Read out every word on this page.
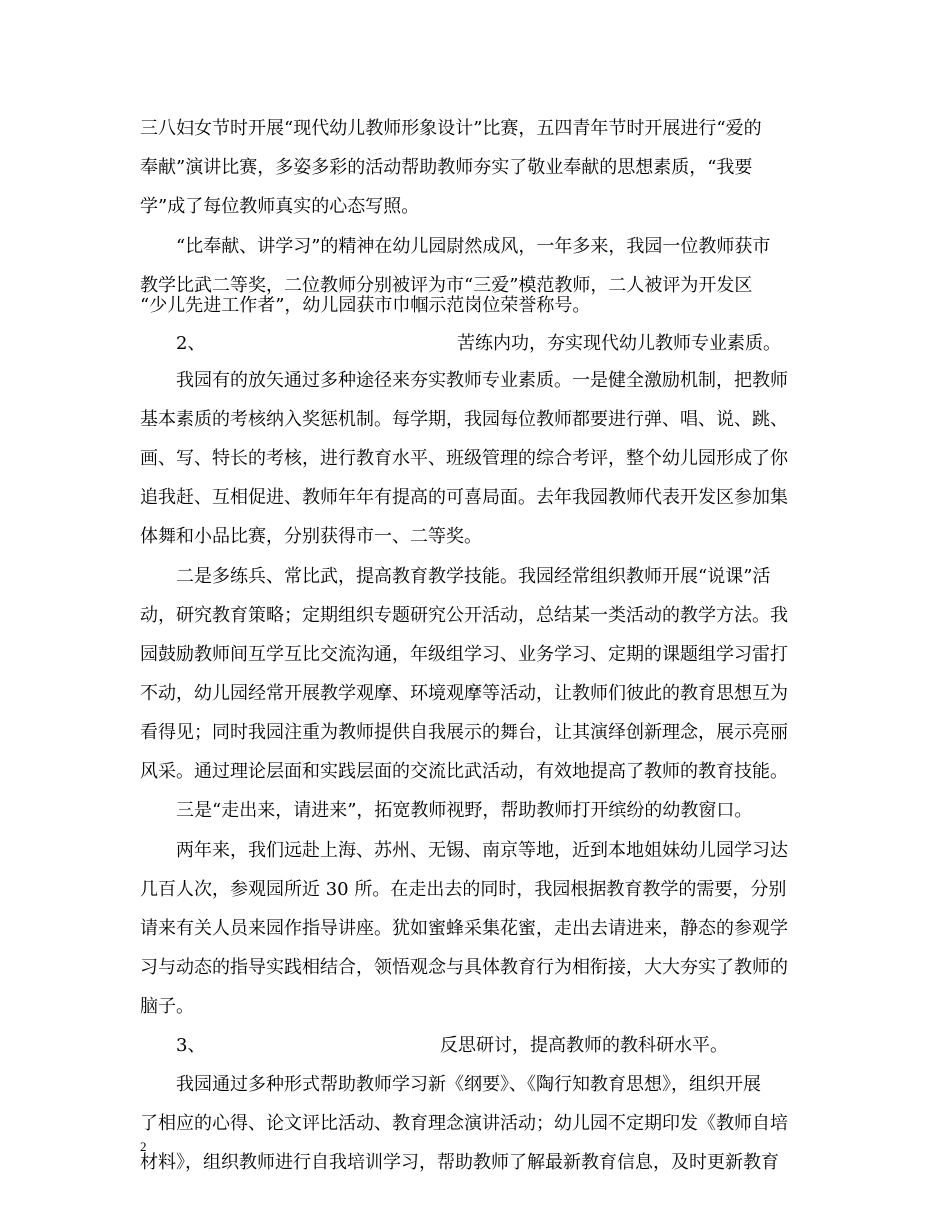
三八妇女节时开展“现代幼儿教师形象设计”比赛，五四青年节时开展进行“爱的
奉献”演讲比赛，多姿多彩的活动帮助教师夯实了敬业奉献的思想素质，“我要
学”成了每位教师真实的心态写照。
“比奉献、讲学习”的精神在幼儿园尉然成风，一年多来，我园一位教师获市
教学比武二等奖，二位教师分别被评为市“三爱”模范教师，二人被评为开发区
“少儿先进工作者”，幼儿园获市巾帼示范岗位荣誉称号。
2、	苦练内功，夯实现代幼儿教师专业素质。
我园有的放矢通过多种途径来夯实教师专业素质。一是健全激励机制，把教师
基本素质的考核纳入奖惩机制。每学期，我园每位教师都要进行弹、唱、说、跳、
画、写、特长的考核，进行教育水平、班级管理的综合考评，整个幼儿园形成了你
追我赶、互相促进、教师年年有提高的可喜局面。去年我园教师代表开发区参加集
体舞和小品比赛，分别获得市一、二等奖。
二是多练兵、常比武，提高教育教学技能。我园经常组织教师开展“说课”活
动，研究教育策略；定期组织专题研究公开活动，总结某一类活动的教学方法。我
园鼓励教师间互学互比交流沟通，年级组学习、业务学习、定期的课题组学习雷打
不动，幼儿园经常开展教学观摩、环境观摩等活动，让教师们彼此的教育思想互为
看得见；同时我园注重为教师提供自我展示的舞台，让其演绎创新理念，展示亮丽
风采。通过理论层面和实践层面的交流比武活动，有效地提高了教师的教育技能。
三是“走出来，请进来”，拓宽教师视野，帮助教师打开缤纷的幼教窗口。
两年来，我们远赴上海、苏州、无锡、南京等地，近到本地姐妹幼儿园学习达
几百人次，参观园所近 30 所。在走出去的同时，我园根据教育教学的需要，分别
请来有关人员来园作指导讲座。犹如蜜蜂采集花蜜，走出去请进来，静态的参观学
习与动态的指导实践相结合，领悟观念与具体教育行为相衔接，大大夯实了教师的
脑子。
3、	反思研讨，提高教师的教科研水平。
我园通过多种形式帮助教师学习新《纲要》、《陶行知教育思想》，组织开展
了相应的心得、论文评比活动、教育理念演讲活动；幼儿园不定期印发《教师自培
材料》，组织教师进行自我培训学习，帮助教师了解最新教育信息，及时更新教育
2
